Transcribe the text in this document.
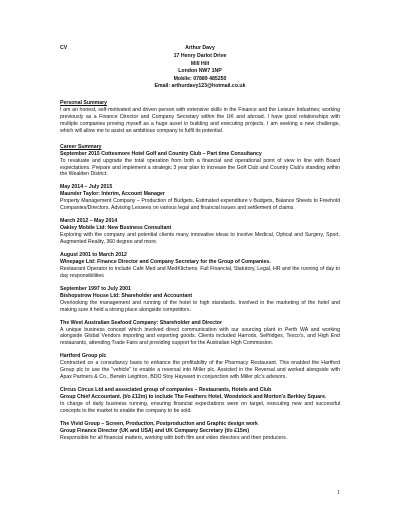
CV	Arthur Davy
17 Henry Darlot Drive
Mill Hill
London NW7 1NP
Mobile: 07889 485250
Email: arthurdavy123@hotmail.co.uk
Personal Summary

I am an honest, self-motivated and driven person with extensive skills in the Finance and the Leisure Industries; working previously as a Finance Director and Company Secretary within the UK and abroad. I have good relationships with multiple companies proving myself as a huge asset in building and executing projects. I am seeking a new challenge, which will allow me to assist an ambitious company to fulfil its potential.

Career Summary
September 2015 Cottesmore Hotel Golf and Country Club – Part time Consultancy
To revaluate and upgrade the total operation from both a financial and operational point of view in line with Board expectations. Prepare and implement a strategic 3 year plan to increase the Golf Club and Country Club's standing within the Wealden District.
May 2014 – July 2015
Maunder Taylor: Interim, Account Manager
Property Management Company – Production of Budgets, Estimated expenditure v Budgets, Balance Sheets to Freehold Companies/Directors. Advising Lessees on various legal and financial issues and settlement of claims.
March 2012 – May 2014
Oakley Mobile Ltd: New Business Consultant
Exploring with the company and potential clients many innovative ideas to involve Medical, Optical and Surgery, Sport, Augmented Reality, 360 degree and more.
August 2001 to March 2012
Winepage Ltd: Finance Director and Company Secretary for the Group of Companies.
Restaurant Operator to include Café Med and MedKitchens. Full Financial, Statutory, Legal, HR and the running of day to day responsibilities
September 1997 to July 2001
Bishopstrow House Ltd: Shareholder and Accountant
Overlooking the management and running of the hotel to high standards. Involved in the marketing of the hotel and making sure it held a strong place alongside competitors.
The West Australian Seafood Company: Shareholder and Director
A unique business concept which involved direct communication with our sourcing plant in Perth WA and working alongside Global Vendors importing and exporting goods. Clients included Harrods, Selfridges, Tesco's, and High End restaurants, attending Trade Fairs and providing support for the Australian High Commission.
Hartford Group plc
Contracted on a consultancy basis to enhance the profitability of the Pharmacy Restaurant. This enabled the Hartford Group plc to use the "vehicle" to enable a reversal into Miller plc. Assisted in the Reversal and worked alongside with Apax Partners & Co., Berwin Leighton, BDO Stoy Hayward in conjunction with Miller plc's advisors.
Circus Circus Ltd and associated group of companies – Restaurants, Hotels and Club
Group Chief Accountant. (t/o £12m) to include The Feathers Hotel, Woodstock and Morton's Berkley Square.
In charge of daily business running, ensuring financial expectations were on target, executing new and successful concepts to the market to enable the company to be sold.
The Vivid Group – Screen, Production, Postproduction and Graphic design work
Group Finance Director (UK and USA) and UK Company Secretary (t/o £15m)
Responsible for all financial matters, working with both film and video directors and their producers.
1
